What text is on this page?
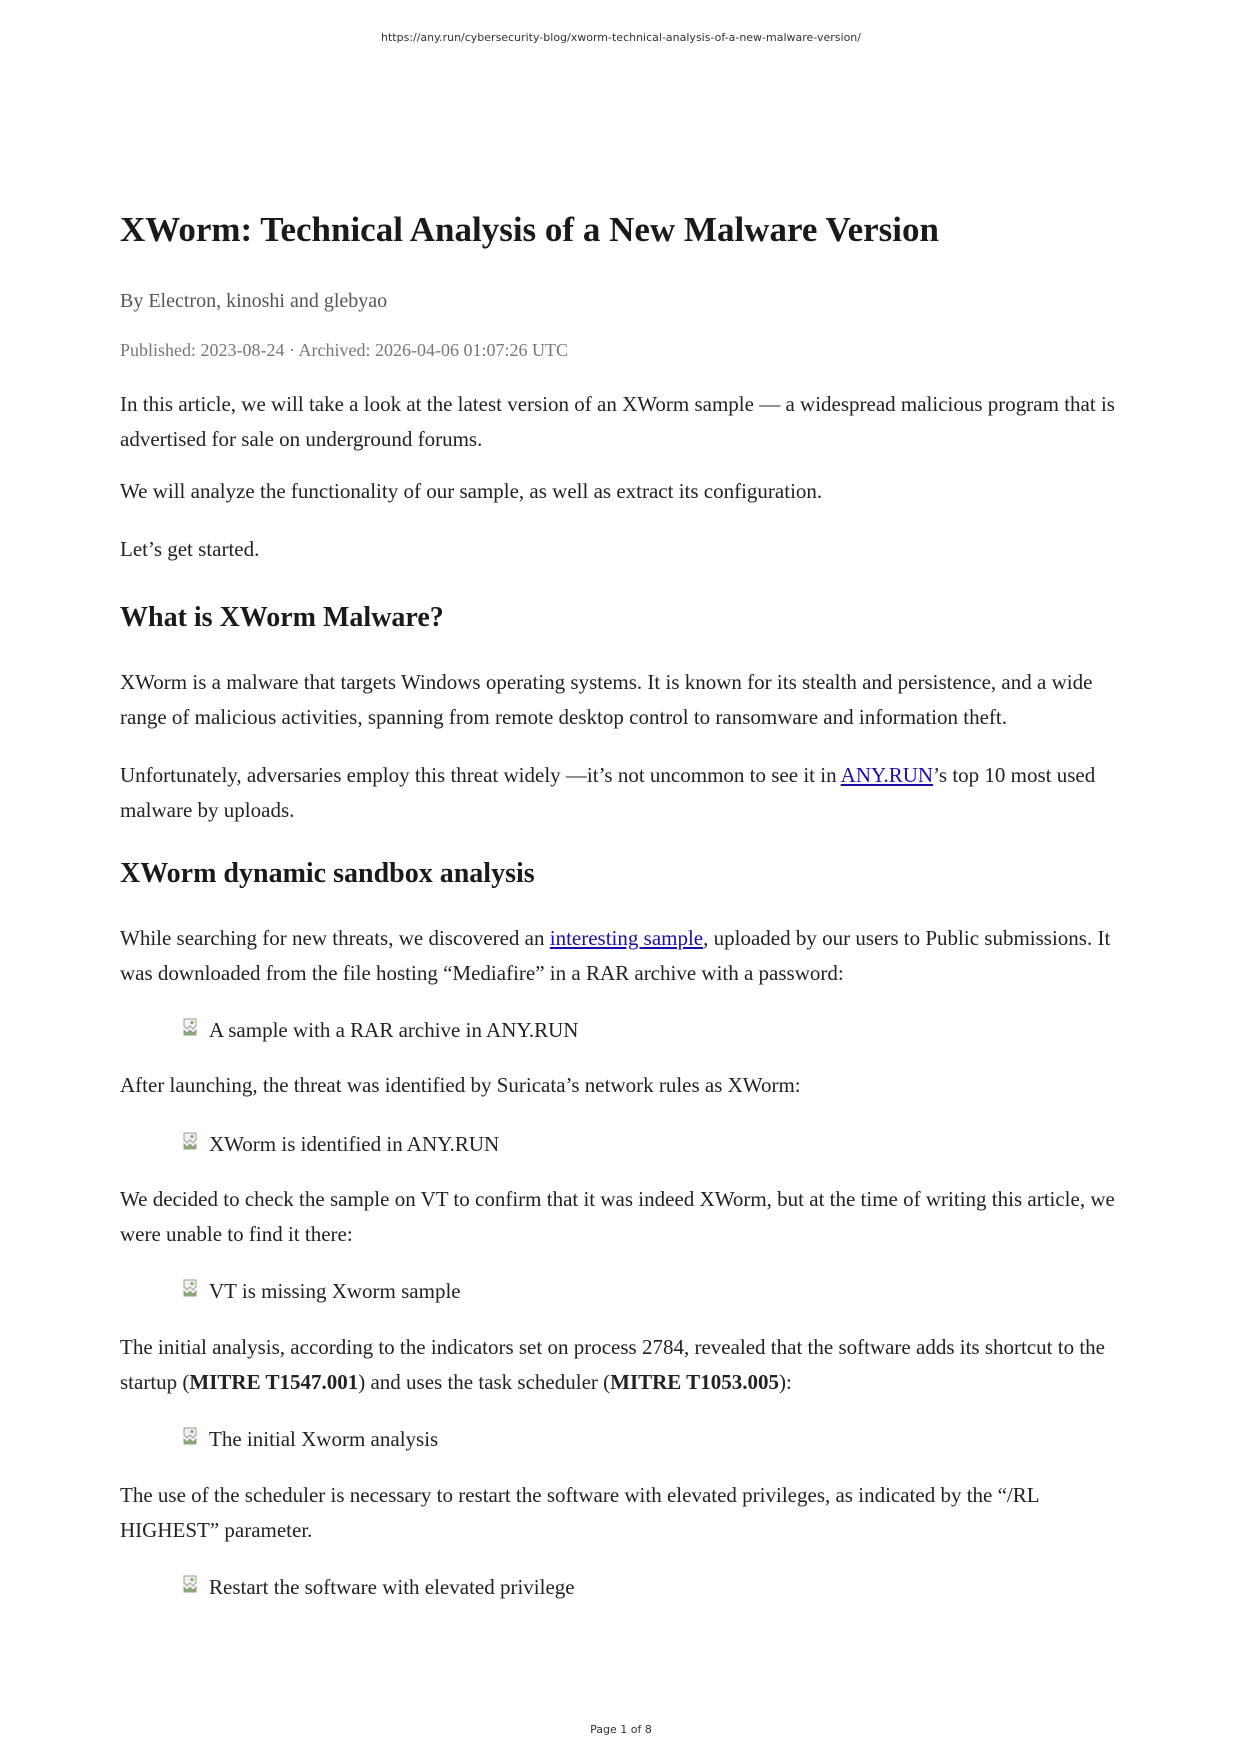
https://any.run/cybersecurity-blog/xworm-technical-analysis-of-a-new-malware-version/
XWorm: Technical Analysis of a New Malware Version
By Electron, kinoshi and glebyao
Published: 2023-08-24 · Archived: 2026-04-06 01:07:26 UTC

In this article, we will take a look at the latest version of an XWorm sample — a widespread malicious program that is advertised for sale on underground forums.

We will analyze the functionality of our sample, as well as extract its configuration.

Let’s get started.

What is XWorm Malware?

XWorm is a malware that targets Windows operating systems. It is known for its stealth and persistence, and a wide range of malicious activities, spanning from remote desktop control to ransomware and information theft.

Unfortunately, adversaries employ this threat widely —it’s not uncommon to see it in ANY.RUN’s top 10 most used malware by uploads.

XWorm dynamic sandbox analysis

While searching for new threats, we discovered an interesting sample, uploaded by our users to Public submissions. It was downloaded from the file hosting “Mediafire” in a RAR archive with a password:

A sample with a RAR archive in ANY.RUN

After launching, the threat was identified by Suricata’s network rules as XWorm:

XWorm is identified in ANY.RUN

We decided to check the sample on VT to confirm that it was indeed XWorm, but at the time of writing this article, we were unable to find it there:

VT is missing Xworm sample

The initial analysis, according to the indicators set on process 2784, revealed that the software adds its shortcut to the startup (MITRE T1547.001) and uses the task scheduler (MITRE T1053.005):

The initial Xworm analysis

The use of the scheduler is necessary to restart the software with elevated privileges, as indicated by the “/RL HIGHEST” parameter.

Restart the software with elevated privilege
Page 1 of 8
